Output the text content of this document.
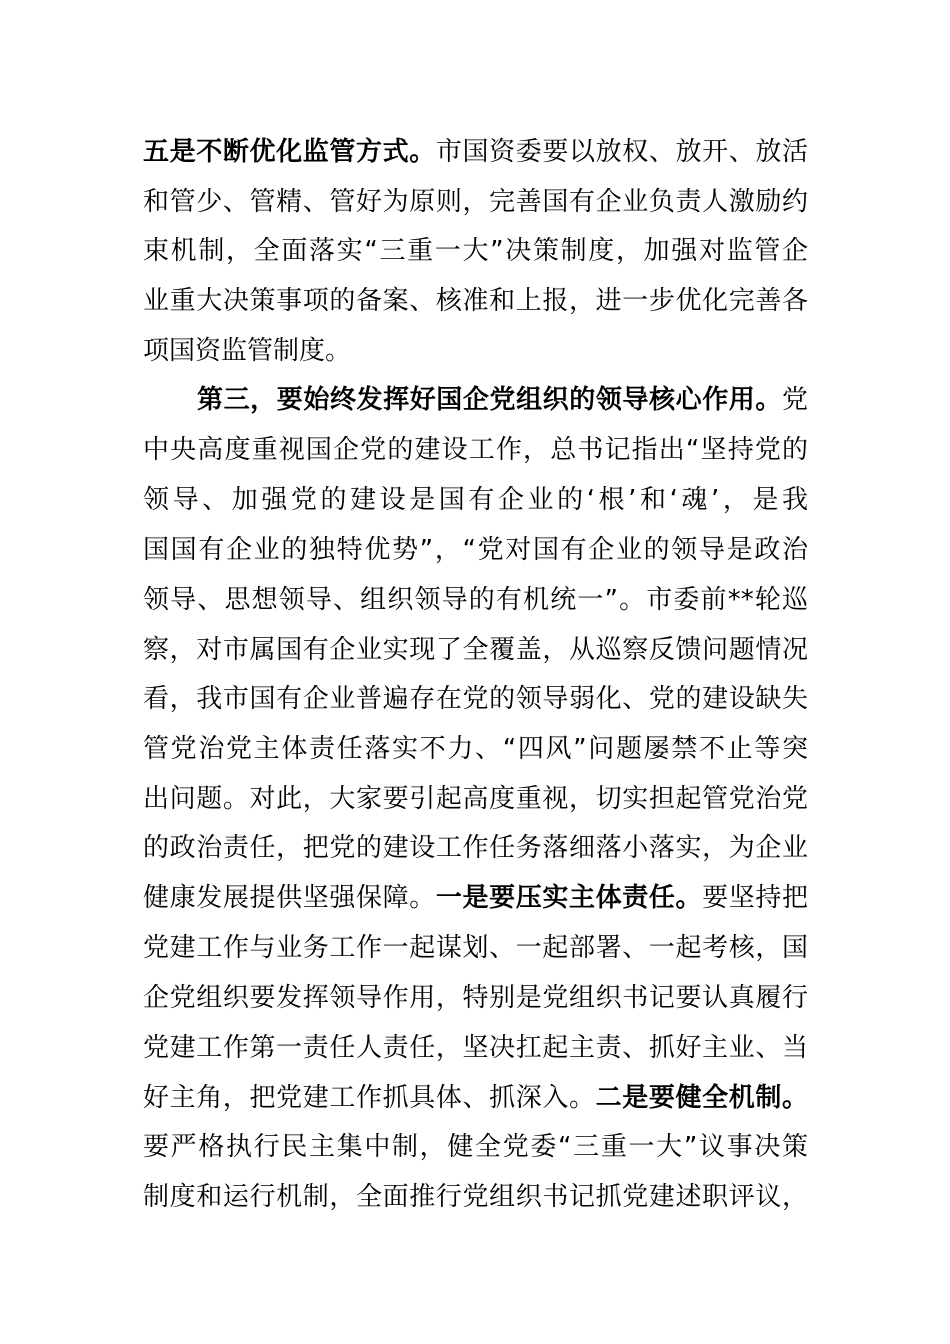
五是不断优化监管方式。市国资委要以放权、放开、放活
和管少、管精、管好为原则，完善国有企业负责人激励约
束机制，全面落实“三重一大”决策制度，加强对监管企
业重大决策事项的备案、核准和上报，进一步优化完善各
项国资监管制度。
第三，要始终发挥好国企党组织的领导核心作用。党
中央高度重视国企党的建设工作，总书记指出“坚持党的
领导、加强党的建设是国有企业的‘根’和‘魂’，是我
国国有企业的独特优势”，“党对国有企业的领导是政治
领导、思想领导、组织领导的有机统一”。市委前**轮巡
察，对市属国有企业实现了全覆盖，从巡察反馈问题情况
看，我市国有企业普遍存在党的领导弱化、党的建设缺失
管党治党主体责任落实不力、“四风”问题屡禁不止等突
出问题。对此，大家要引起高度重视，切实担起管党治党
的政治责任，把党的建设工作任务落细落小落实，为企业
健康发展提供坚强保障。一是要压实主体责任。要坚持把
党建工作与业务工作一起谋划、一起部署、一起考核，国
企党组织要发挥领导作用，特别是党组织书记要认真履行
党建工作第一责任人责任，坚决扛起主责、抓好主业、当
好主角，把党建工作抓具体、抓深入。二是要健全机制。
要严格执行民主集中制，健全党委“三重一大”议事决策
制度和运行机制，全面推行党组织书记抓党建述职评议，
